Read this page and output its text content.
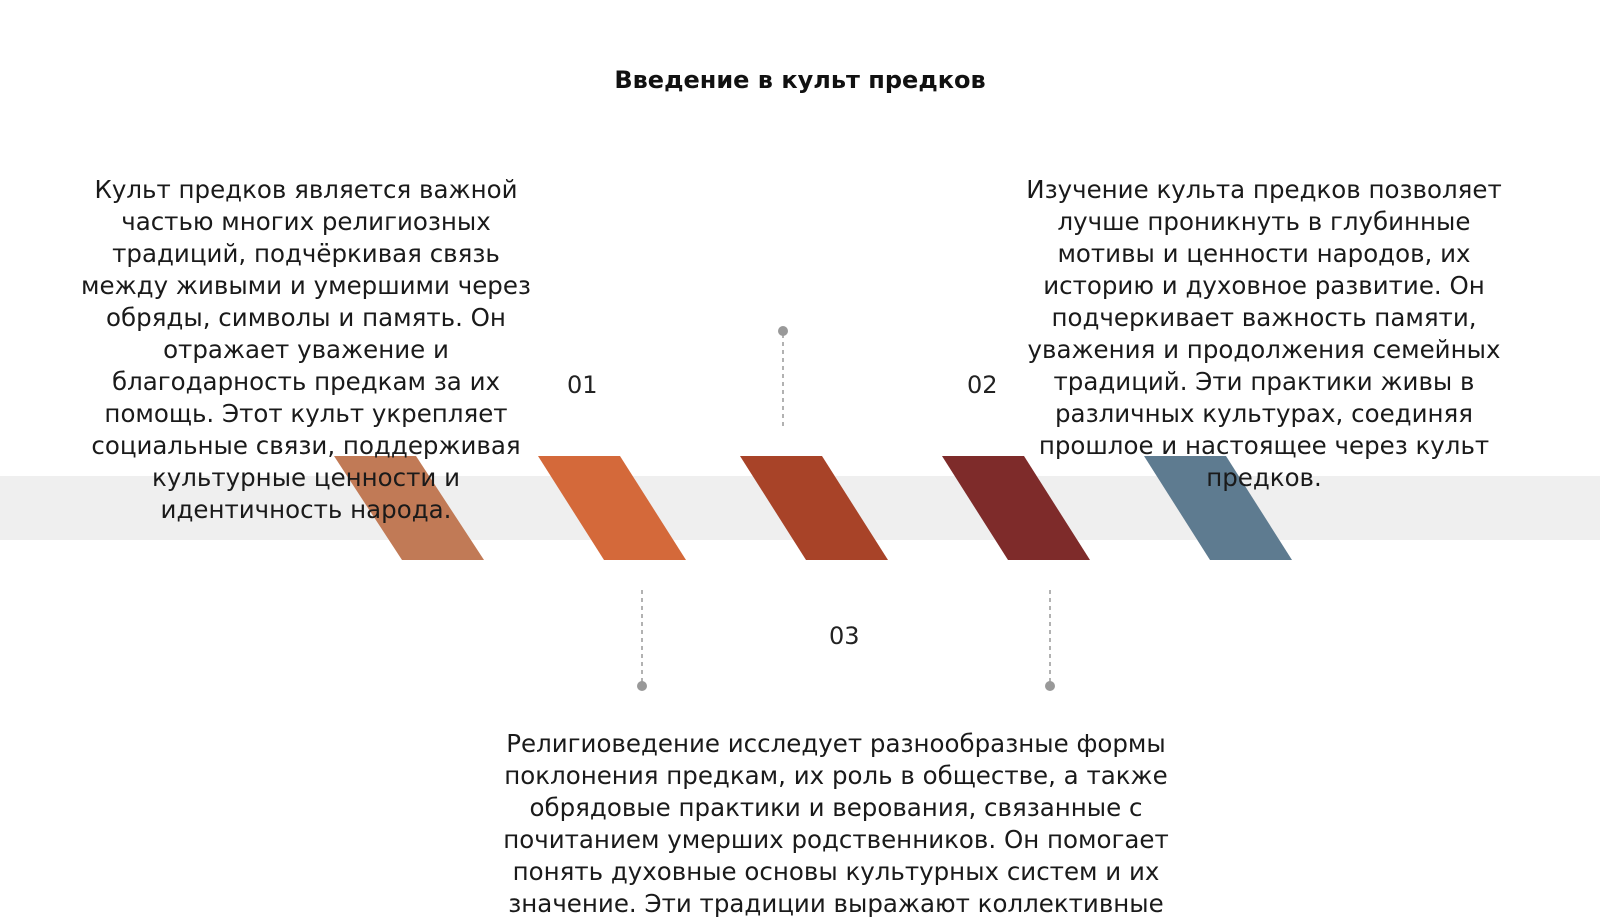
Введение в культ предков
01	02
03
Культ предков является важной частью многих религиозных традиций, подчёркивая связь между живыми и умершими через обряды, символы и память. Он отражает уважение и благодарность предкам за их помощь. Этот культ укрепляет социальные связи, поддерживая культурные ценности и идентичность народа.
Изучение культа предков позволяет лучше проникнуть в глубинные мотивы и ценности народов, их историю и духовное развитие. Он подчеркивает важность памяти, уважения и продолжения семейных традиций. Эти практики живы в различных культурах, соединяя прошлое и настоящее через культ предков.
Религиоведение исследует разнообразные формы поклонения предкам, их роль в обществе, а также обрядовые практики и верования, связанные с почитанием умерших родственников. Он помогает понять духовные основы культурных систем и их значение. Эти традиции выражают коллективные
